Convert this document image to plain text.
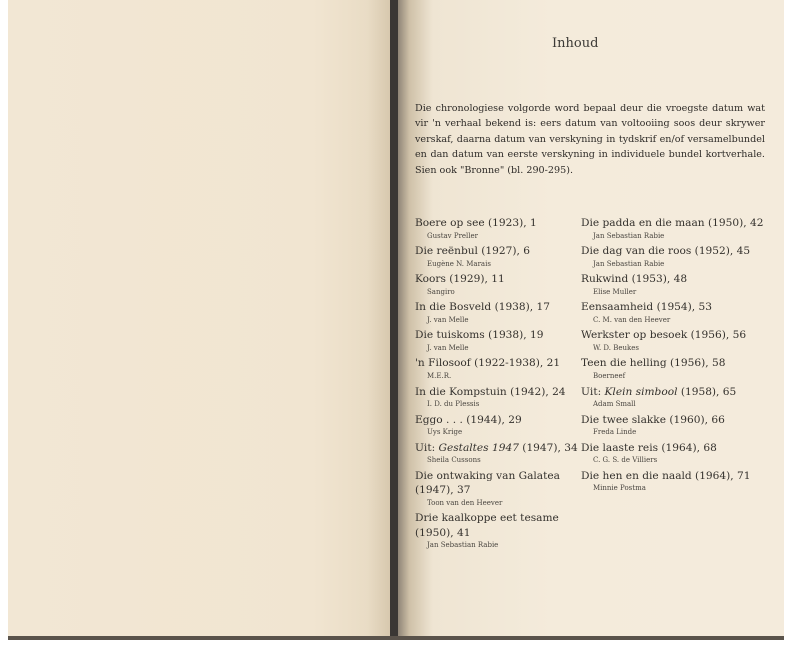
Inhoud
Die chronologiese volgorde word bepaal deur die vroegste datum wat vir 'n verhaal bekend is: eers datum van voltooiing soos deur skrywer verskaf, daarna datum van verskyning in tydskrif en/of versamelbundel en dan datum van eerste verskyning in individuele bundel kortverhale. Sien ook "Bronne" (bl. 290-295).
Boere op see (1923), 1
Gustav Preller
Die reënbul (1927), 6
Eugène N. Marais
Koors (1929), 11
Sangiro
In die Bosveld (1938), 17
J. van Melle
Die tuiskoms (1938), 19
J. van Melle
'n Filosoof (1922-1938), 21
M.E.R.
In die Kompstuin (1942), 24
I. D. du Plessis
Eggo . . . (1944), 29
Uys Krige
Uit: Gestaltes 1947 (1947), 34
Sheila Cussons
Die ontwaking van Galatea (1947), 37
Toon van den Heever
Drie kaalkoppe eet tesame (1950), 41
Jan Sebastian Rabie
Die padda en die maan (1950), 42
Jan Sebastian Rabie
Die dag van die roos (1952), 45
Jan Sebastian Rabie
Rukwind (1953), 48
Elise Muller
Eensaamheid (1954), 53
C. M. van den Heever
Werkster op besoek (1956), 56
W. D. Beukes
Teen die helling (1956), 58
Boerneef
Uit: Klein simbool (1958), 65
Adam Small
Die twee slakke (1960), 66
Freda Linde
Die laaste reis (1964), 68
C. G. S. de Villiers
Die hen en die naald (1964), 71
Minnie Postma
